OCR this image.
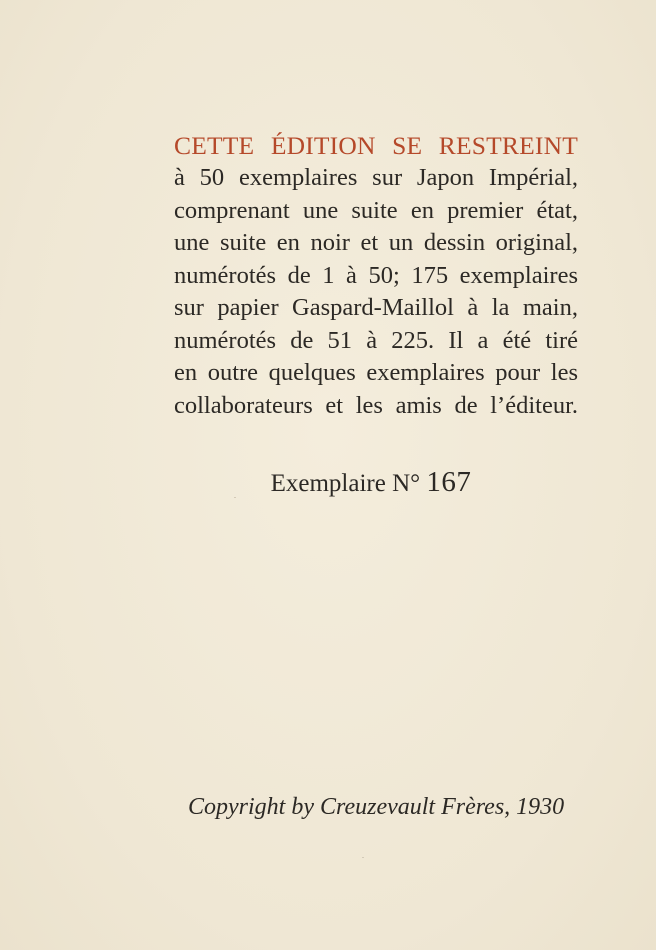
CETTE ÉDITION SE RESTREINT
à 50 exemplaires sur Japon Impérial,
comprenant une suite en premier état,
une suite en noir et un dessin original,
numérotés de 1 à 50; 175 exemplaires
sur papier Gaspard-Maillol à la main,
numérotés de 51 à 225. Il a été tiré
en outre quelques exemplaires pour les
collaborateurs et les amis de l’éditeur.
Exemplaire N° 167
Copyright by Creuzevault Frères, 1930
